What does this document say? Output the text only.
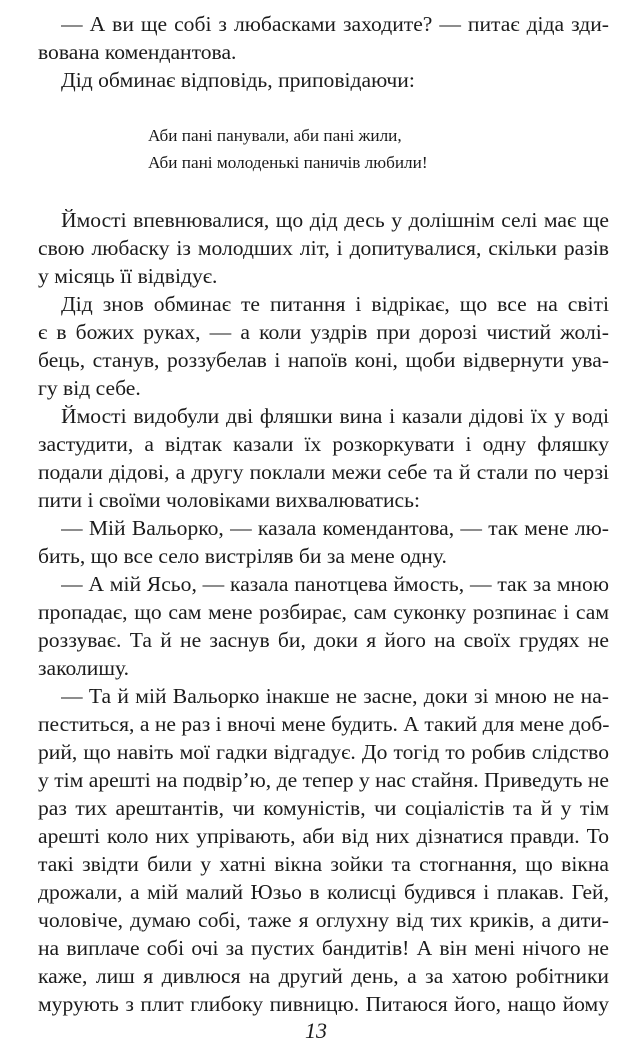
— А ви ще собі з любасками заходите? — питає діда зди-
вована комендантова.
Дід обминає відповідь, приповідаючи:
Аби пані панували, аби пані жили,
Аби пані молоденькі паничів любили!
Ймості впевнювалися, що дід десь у долішнім селі має ще
свою любаску із молодших літ, і допитувалися, скільки разів
у місяць її відвідує.
Дід знов обминає те питання і відрікає, що все на світі
є в божих руках, — а коли уздрів при дорозі чистий жолі-
бець, станув, роззубелав і напоїв коні, щоби відвернути ува-
гу від себе.
Ймості видобули дві фляшки вина і казали дідові їх у воді
застудити, а відтак казали їх розкоркувати і одну фляшку
подали дідові, а другу поклали межи себе та й стали по черзі
пити і своїми чоловіками вихвалюватись:
— Мій Вальорко, — казала комендантова, — так мене лю-
бить, що все село вистріляв би за мене одну.
— А мій Ясьо, — казала панотцева ймость, — так за мною
пропадає, що сам мене розбирає, сам суконку розпинає і сам
роззуває. Та й не заснув би, доки я його на своїх грудях не
заколишу.
— Та й мій Вальорко інакше не засне, доки зі мною не на-
пеститься, а не раз і вночі мене будить. А такий для мене доб-
рий, що навіть мої гадки відгадує. До тогід то робив слідство
у тім арешті на подвір’ю, де тепер у нас стайня. Приведуть не
раз тих арештантів, чи комуністів, чи соціалістів та й у тім
арешті коло них упрівають, аби від них дізнатися правди. То
такі звідти били у хатні вікна зойки та стогнання, що вікна
дрожали, а мій малий Юзьо в колисці будився і плакав. Гей,
чоловіче, думаю собі, таже я оглухну від тих криків, а дити-
на виплаче собі очі за пустих бандитів! А він мені нічого не
каже, лиш я дивлюся на другий день, а за хатою робітники
мурують з плит глибоку пивницю. Питаюся його, нащо йому
13
